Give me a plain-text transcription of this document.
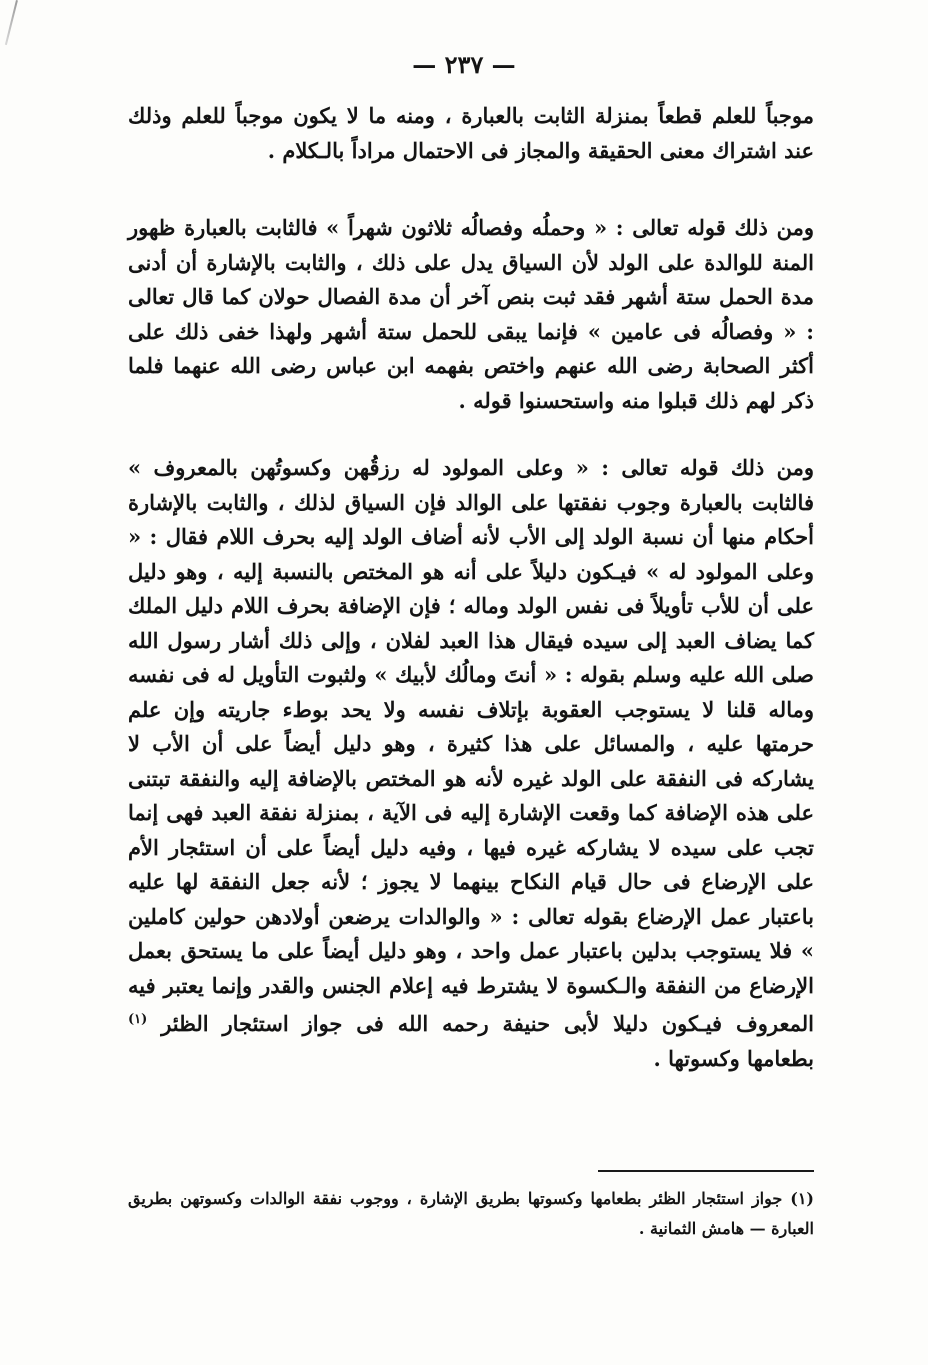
— ٢٣٧ —

موجباً للعلم قطعاً بمنزلة الثابت بالعبارة ، ومنه ما لا يكون موجباً للعلم وذلك عند اشتراك معنى الحقيقة والمجاز فى الاحتمال مراداً بالـكلام .

ومن ذلك قوله تعالى : « وحملُه وفصالُه ثلاثون شهراً » فالثابت بالعبارة ظهور المنة للوالدة على الولد لأن السياق يدل على ذلك ، والثابت بالإشارة أن أدنى مدة الحمل ستة أشهر فقد ثبت بنص آخر أن مدة الفصال حولان كما قال تعالى : « وفصالُه فى عامين » فإنما يبقى للحمل ستة أشهر ولهذا خفى ذلك على أكثر الصحابة رضى الله عنهم واختص بفهمه ابن عباس رضى الله عنهما فلما ذكر لهم ذلك قبلوا منه واستحسنوا قوله .

ومن ذلك قوله تعالى : « وعلى المولود له رزقُهن وكسوتُهن بالمعروف » فالثابت بالعبارة وجوب نفقتها على الوالد فإن السياق لذلك ، والثابت بالإشارة أحكام منها أن نسبة الولد إلى الأب لأنه أضاف الولد إليه بحرف اللام فقال : « وعلى المولود له » فيـكون دليلاً على أنه هو المختص بالنسبة إليه ، وهو دليل على أن للأب تأويلاً فى نفس الولد وماله ؛ فإن الإضافة بحرف اللام دليل الملك كما يضاف العبد إلى سيده فيقال هذا العبد لفلان ، وإلى ذلك أشار رسول الله صلى الله عليه وسلم بقوله : « أنتَ ومالُك لأبيك » ولثبوت التأويل له فى نفسه وماله قلنا لا يستوجب العقوبة بإتلاف نفسه ولا يحد بوطء جاريته وإن علم حرمتها عليه ، والمسائل على هذا كثيرة ، وهو دليل أيضاً على أن الأب لا يشاركه فى النفقة على الولد غيره لأنه هو المختص بالإضافة إليه والنفقة تبتنى على هذه الإضافة كما وقعت الإشارة إليه فى الآية ، بمنزلة نفقة العبد فهى إنما تجب على سيده لا يشاركه غيره فيها ، وفيه دليل أيضاً على أن استئجار الأم على الإرضاع فى حال قيام النكاح بينهما لا يجوز ؛ لأنه جعل النفقة لها عليه باعتبار عمل الإرضاع بقوله تعالى : « والوالدات يرضعن أولادهن حولين كاملين » فلا يستوجب بدلين باعتبار عمل واحد ، وهو دليل أيضاً على ما يستحق بعمل الإرضاع من النفقة والـكسوة لا يشترط فيه إعلام الجنس والقدر وإنما يعتبر فيه المعروف فيـكون دليلا لأبى حنيفة رحمه الله فى جواز استئجار الظئر $^{(١)}$ بطعامها وكسوتها .

(١) جواز استئجار الظئر بطعامها وكسوتها بطريق الإشارة ، ووجوب نفقة الوالدات وكسوتهن بطريق العبارة — هامش الثمانية .
